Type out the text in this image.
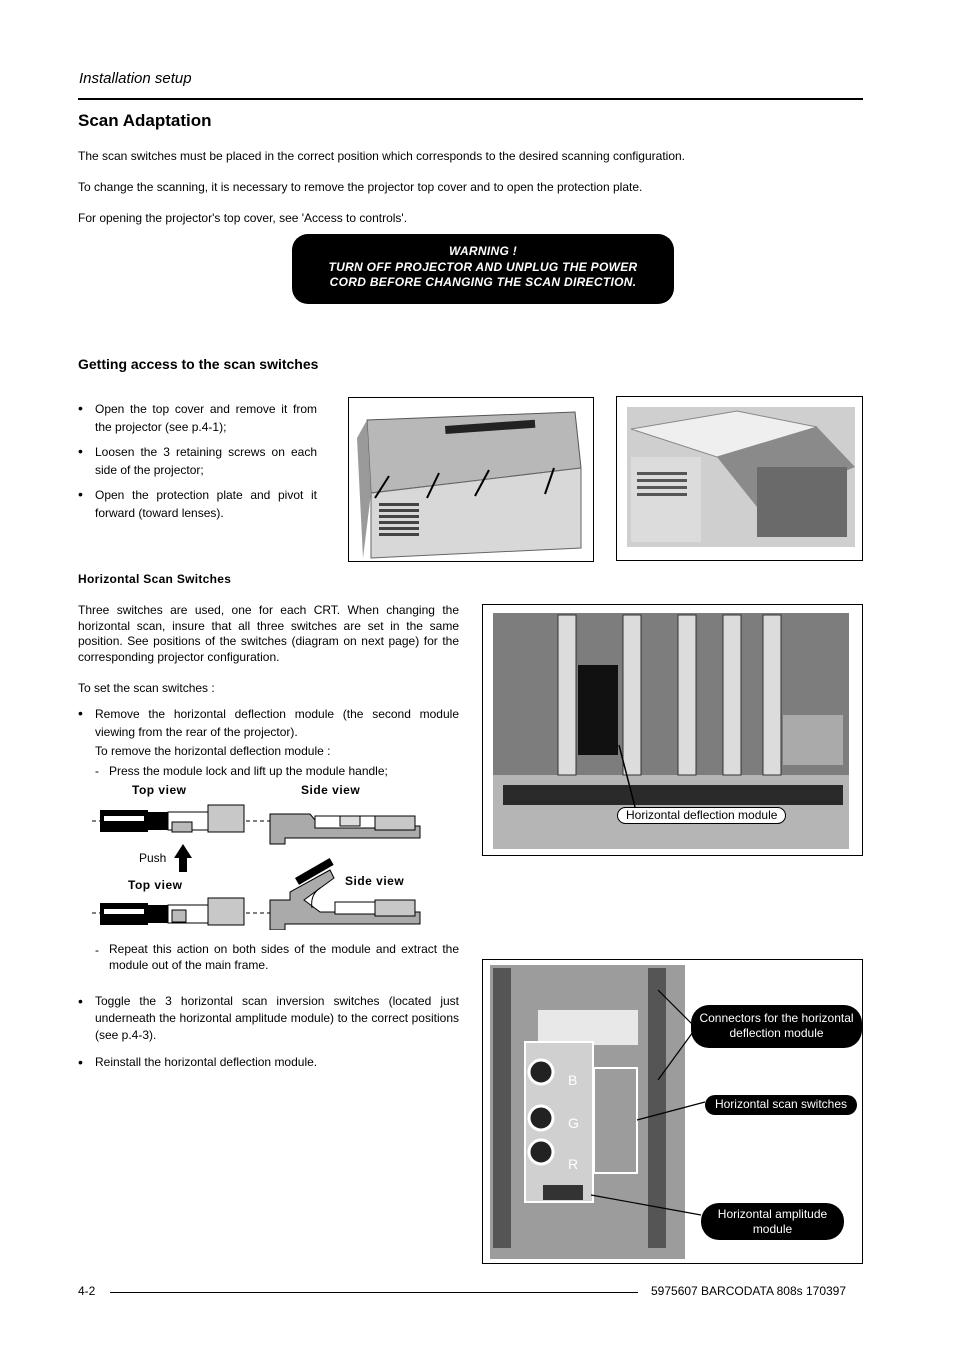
Installation setup
Scan Adaptation
The scan switches must be placed in the correct position which corresponds to the desired scanning configuration.
To change the scanning, it is necessary to remove the projector top cover and to open the protection plate.
For opening the projector's top cover, see 'Access to controls'.
WARNING !
TURN OFF PROJECTOR AND UNPLUG THE POWER
CORD BEFORE CHANGING THE SCAN DIRECTION.
Getting access to the scan switches
• Open the top cover and remove it from the projector (see p.4-1);
• Loosen the 3 retaining screws on each side of the projector;
• Open the protection plate and pivot it forward (toward lenses).
Horizontal Scan Switches
Three switches are used, one for each CRT. When changing the horizontal scan, insure that all three switches are set in the same position. See positions of the switches (diagram on next page) for the corresponding projector configuration.
To set the scan switches :
• Remove the horizontal deflection module (the second module viewing from the rear of the projector).
To remove the horizontal deflection module :
- Press the module lock and lift up the module handle;
Top view	Side view
Top view	Side view
Push
- Repeat this action on both sides of the module and extract the module out of the main frame.
• Toggle the 3 horizontal scan inversion switches (located just underneath the horizontal amplitude module) to the correct positions (see p.4-3).
• Reinstall the horizontal deflection module.
Horizontal deflection module
B
G
R
Connectors for the horizontal deflection module
Horizontal scan switches
Horizontal amplitude module
4-2	5975607 BARCODATA 808s 170397
